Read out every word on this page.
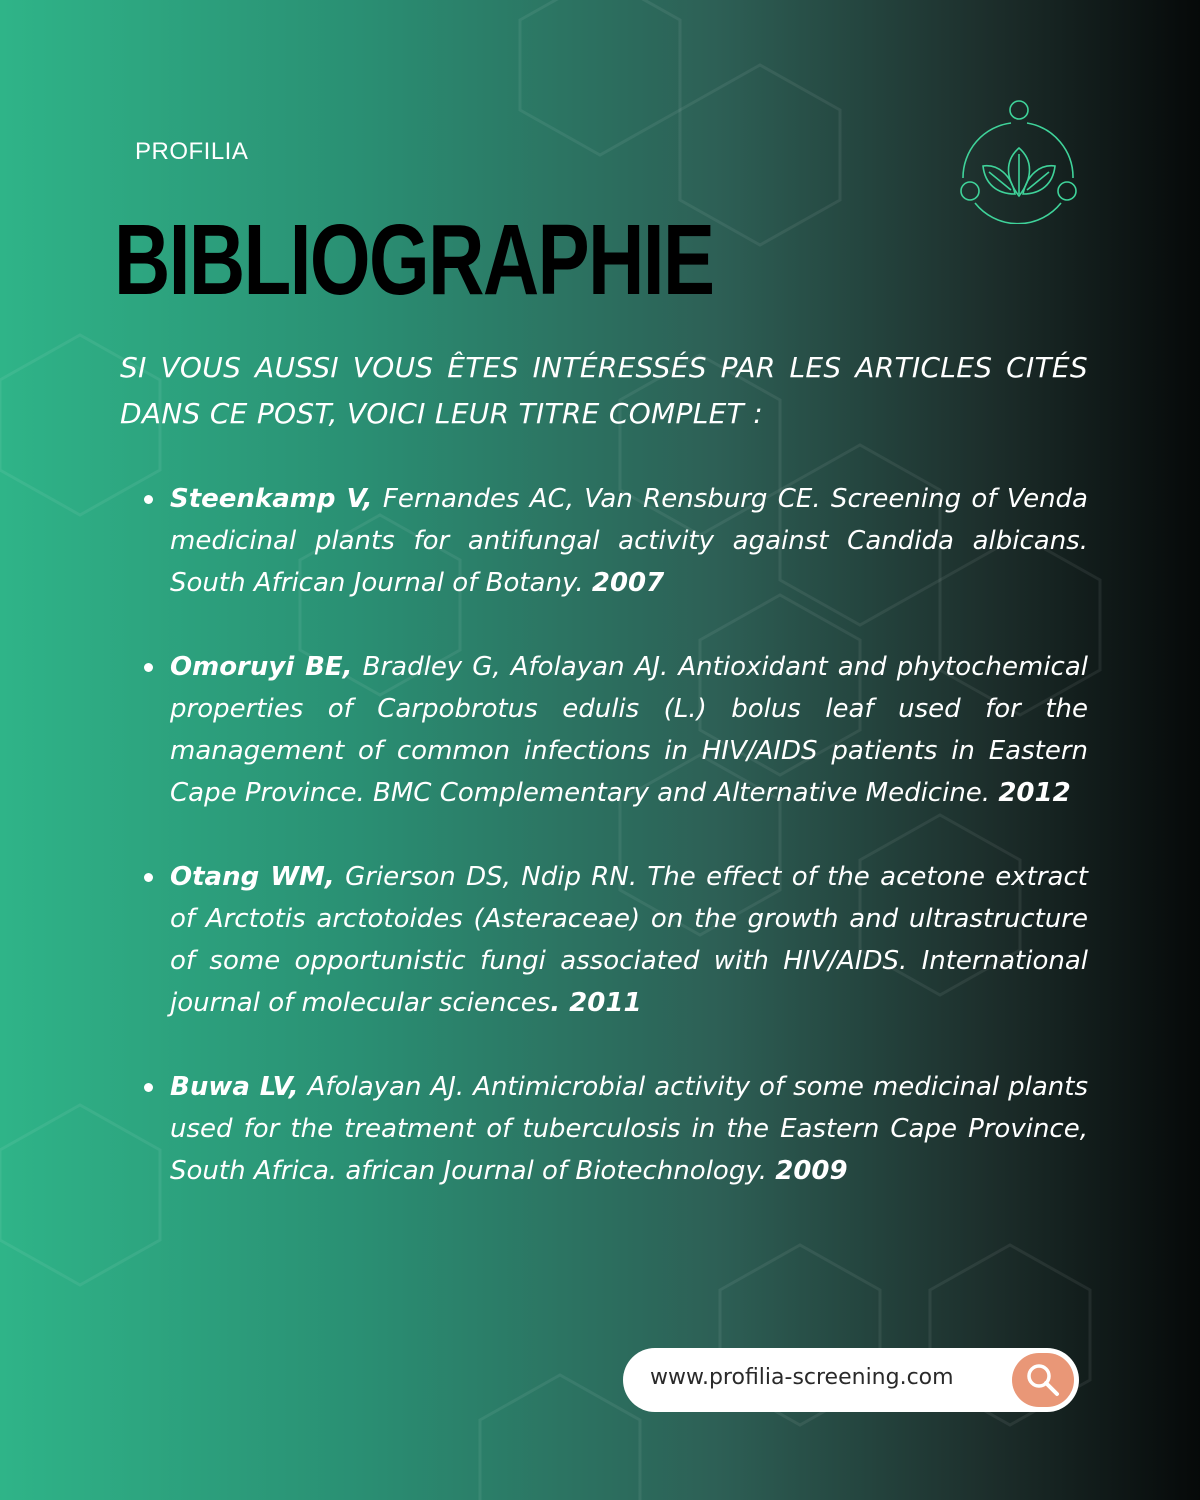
PROFILIA
BIBLIOGRAPHIE
SI VOUS AUSSI VOUS ÊTES INTÉRESSÉS PAR LES ARTICLES CITÉS DANS CE POST, VOICI LEUR TITRE COMPLET :
Steenkamp V, Fernandes AC, Van Rensburg CE. Screening of Venda medicinal plants for antifungal activity against Candida albicans. South African Journal of Botany. 2007
Omoruyi BE, Bradley G, Afolayan AJ. Antioxidant and phytochemical properties of Carpobrotus edulis (L.) bolus leaf used for the management of common infections in HIV/AIDS patients in Eastern Cape Province. BMC Complementary and Alternative Medicine. 2012
Otang WM, Grierson DS, Ndip RN. The effect of the acetone extract of Arctotis arctotoides (Asteraceae) on the growth and ultrastructure of some opportunistic fungi associated with HIV/AIDS. International journal of molecular sciences. 2011
Buwa LV, Afolayan AJ. Antimicrobial activity of some medicinal plants used for the treatment of tuberculosis in the Eastern Cape Province, South Africa. african Journal of Biotechnology. 2009
www.profilia-screening.com
